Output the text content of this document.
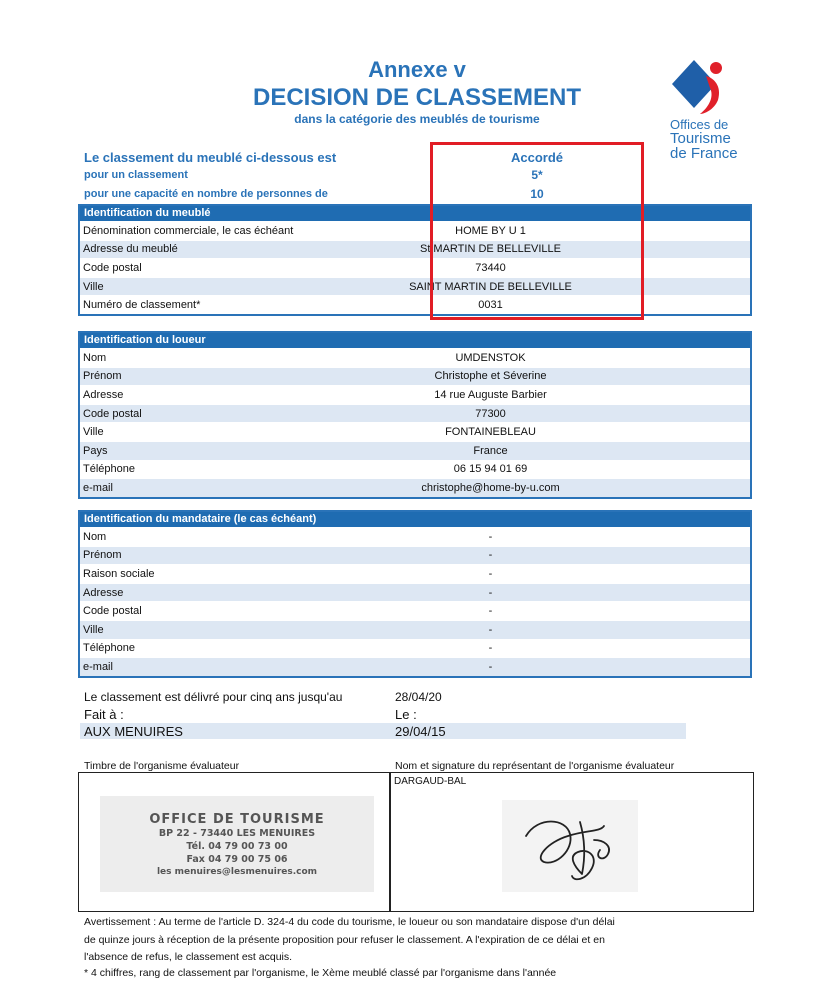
Annexe v
DECISION DE CLASSEMENT
dans la catégorie des meublés de tourisme	Offices de
Tourisme
de France
Le classement du meublé ci-dessous est	Accordé
pour un classement	5*
pour une capacité en nombre de personnes de	10
Identification du meublé
Dénomination commerciale, le cas échéant	HOME BY U 1
Adresse du meublé	St MARTIN DE BELLEVILLE
Code postal	73440
Ville	SAINT MARTIN DE BELLEVILLE
Numéro de classement*	0031
Identification du loueur
Nom	UMDENSTOK
Prénom	Christophe et Séverine
Adresse	14 rue Auguste Barbier
Code postal	77300
Ville	FONTAINEBLEAU
Pays	France
Téléphone	06 15 94 01 69
e-mail	christophe@home-by-u.com
Identification du mandataire (le cas échéant)
Nom	-
Prénom	-
Raison sociale	-
Adresse	-
Code postal	-
Ville	-
Téléphone	-
e-mail	-
Le classement est délivré pour cinq ans jusqu'au	28/04/20
Fait à :	Le :
AUX MENUIRES	29/04/15
Timbre de l'organisme évaluateur	Nom et signature du représentant de l'organisme évaluateur
DARGAUD-BAL
OFFICE DE TOURISME
BP 22 - 73440 LES MENUIRES
Tél. 04 79 00 73 00
Fax 04 79 00 75 06
les menuires@lesmenuires.com
Avertissement : Au terme de l'article D. 324-4 du code du tourisme, le loueur ou son mandataire dispose d'un délai
de quinze jours à réception de la présente proposition pour refuser le classement. A l'expiration de ce délai et en
l'absence de refus, le classement est acquis.
* 4 chiffres, rang de classement par l'organisme, le Xème meublé classé par l'organisme dans l'année
